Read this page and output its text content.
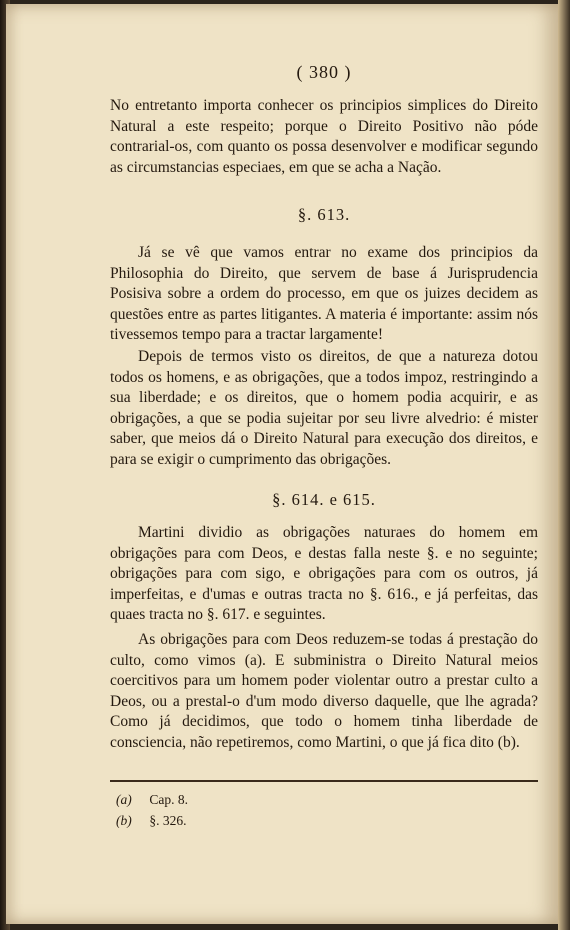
( 380 )

No entretanto importa conhecer os principios simplices do Direito Natural a este respeito; porque o Direito Positivo não póde contrarial-os, com quanto os possa desenvolver e modificar segundo as circumstancias especiaes, em que se acha a Nação.

§. 613.

Já se vê que vamos entrar no exame dos principios da Philosophia do Direito, que servem de base á Jurisprudencia Posisiva sobre a ordem do processo, em que os juizes decidem as questões entre as partes litigantes. A materia é importante: assim nós tivessemos tempo para a tractar largamente!

Depois de termos visto os direitos, de que a natureza dotou todos os homens, e as obrigações, que a todos impoz, restringindo a sua liberdade; e os direitos, que o homem podia acquirir, e as obrigações, a que se podia sujeitar por seu livre alvedrio: é mister saber, que meios dá o Direito Natural para execução dos direitos, e para se exigir o cumprimento das obrigações.

§. 614. e 615.

Martini dividio as obrigações naturaes do homem em obrigações para com Deos, e destas falla neste §. e no seguinte; obrigações para com sigo, e obrigações para com os outros, já imperfeitas, e d'umas e outras tracta no §. 616., e já perfeitas, das quaes tracta no §. 617. e seguintes.

As obrigações para com Deos reduzem-se todas á prestação do culto, como vimos (a). E subministra o Direito Natural meios coercitivos para um homem poder violentar outro a prestar culto a Deos, ou a prestal-o d'um modo diverso daquelle, que lhe agrada? Como já decidimos, que todo o homem tinha liberdade de consciencia, não repetiremos, como Martini, o que já fica dito (b).

(a) Cap. 8.
(b) §. 326.
